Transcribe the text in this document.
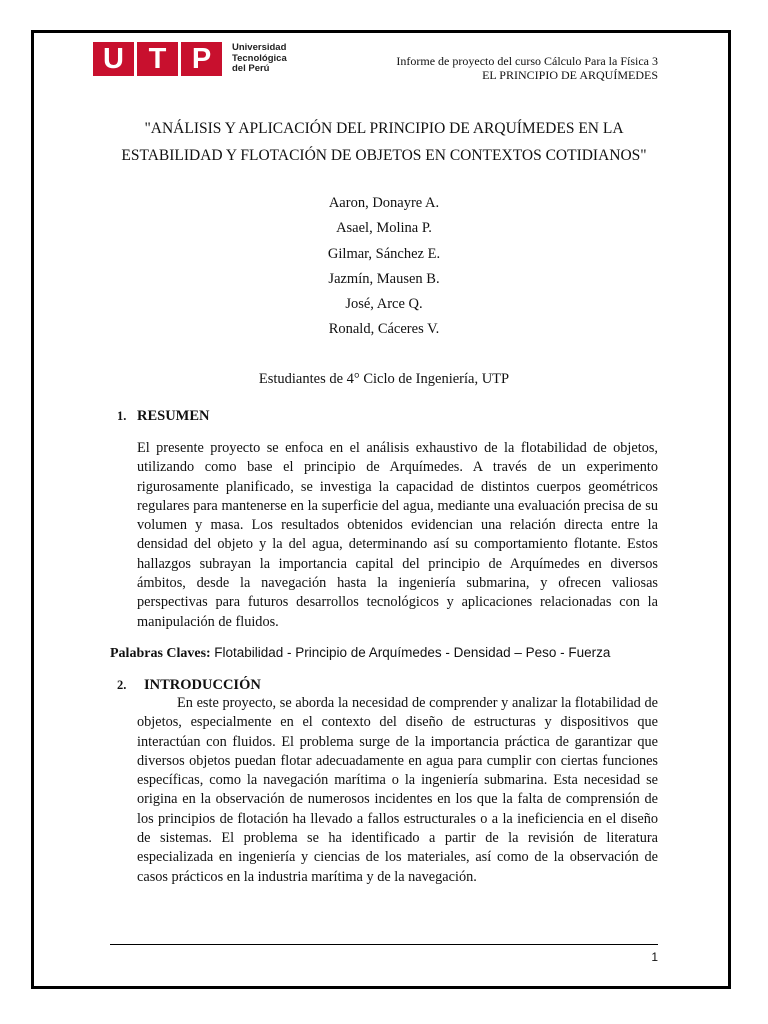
U T P	Universidad
Tecnológica
del Perú
Informe de proyecto del curso Cálculo Para la Física 3
EL PRINCIPIO DE ARQUÍMEDES
"ANÁLISIS Y APLICACIÓN DEL PRINCIPIO DE ARQUÍMEDES EN LA
ESTABILIDAD Y FLOTACIÓN DE OBJETOS EN CONTEXTOS COTIDIANOS"
Aaron, Donayre A.
Asael, Molina P.
Gilmar, Sánchez E.
Jazmín, Mausen B.
José, Arce Q.
Ronald, Cáceres V.
Estudiantes de 4° Ciclo de Ingeniería, UTP
1. RESUMEN
El presente proyecto se enfoca en el análisis exhaustivo de la flotabilidad de objetos, utilizando como base el principio de Arquímedes. A través de un experimento rigurosamente planificado, se investiga la capacidad de distintos cuerpos geométricos regulares para mantenerse en la superficie del agua, mediante una evaluación precisa de su volumen y masa. Los resultados obtenidos evidencian una relación directa entre la densidad del objeto y la del agua, determinando así su comportamiento flotante. Estos hallazgos subrayan la importancia capital del principio de Arquímedes en diversos ámbitos, desde la navegación hasta la ingeniería submarina, y ofrecen valiosas perspectivas para futuros desarrollos tecnológicos y aplicaciones relacionadas con la manipulación de fluidos.
Palabras Claves: Flotabilidad - Principio de Arquímedes - Densidad – Peso - Fuerza
2.	INTRODUCCIÓN
En este proyecto, se aborda la necesidad de comprender y analizar la flotabilidad de objetos, especialmente en el contexto del diseño de estructuras y dispositivos que interactúan con fluidos. El problema surge de la importancia práctica de garantizar que diversos objetos puedan flotar adecuadamente en agua para cumplir con ciertas funciones específicas, como la navegación marítima o la ingeniería submarina. Esta necesidad se origina en la observación de numerosos incidentes en los que la falta de comprensión de los principios de flotación ha llevado a fallos estructurales o a la ineficiencia en el diseño de sistemas. El problema se ha identificado a partir de la revisión de literatura especializada en ingeniería y ciencias de los materiales, así como de la observación de casos prácticos en la industria marítima y de la navegación.
1
